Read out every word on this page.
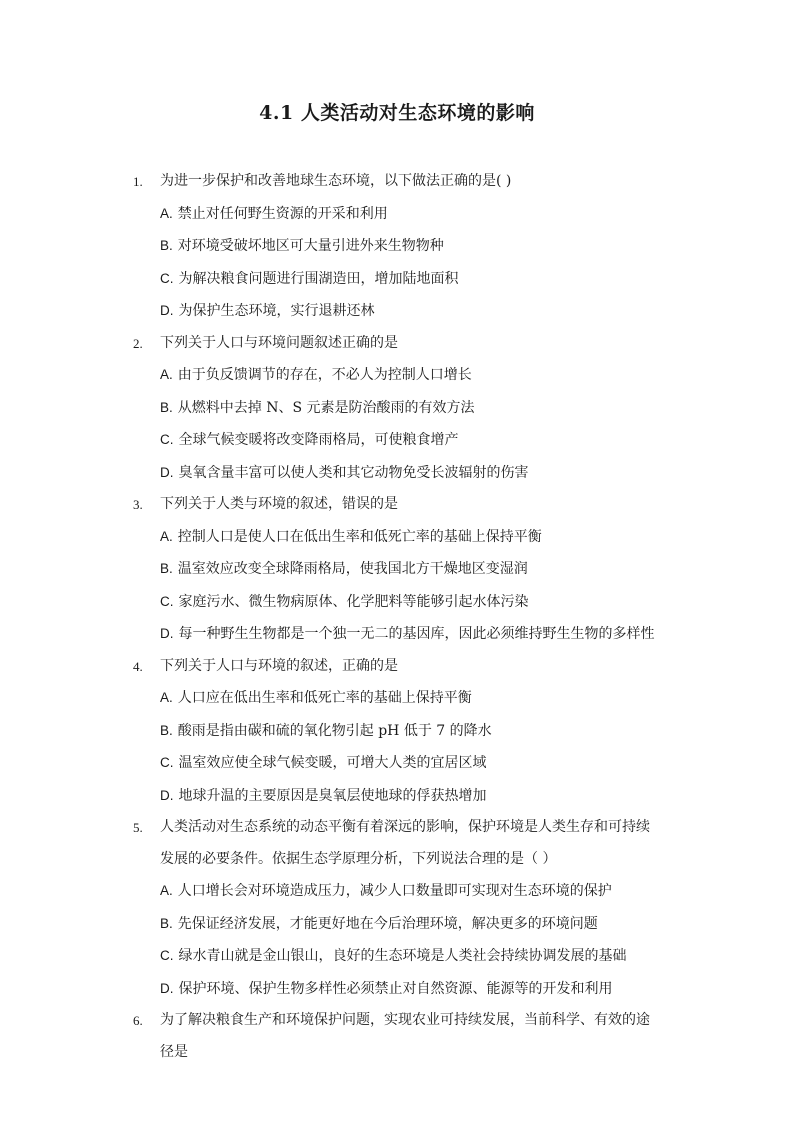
4.1 人类活动对生态环境的影响
1.	为进一步保护和改善地球生态环境，以下做法正确的是( )
A. 禁止对任何野生资源的开采和利用
B. 对环境受破坏地区可大量引进外来生物物种
C. 为解决粮食问题进行围湖造田，增加陆地面积
D. 为保护生态环境，实行退耕还林
2.	下列关于人口与环境问题叙述正确的是
A. 由于负反馈调节的存在，不必人为控制人口增长
B. 从燃料中去掉 N、S 元素是防治酸雨的有效方法
C. 全球气候变暖将改变降雨格局，可使粮食增产
D. 臭氧含量丰富可以使人类和其它动物免受长波辐射的伤害
3.	下列关于人类与环境的叙述，错误的是
A. 控制人口是使人口在低出生率和低死亡率的基础上保持平衡
B. 温室效应改变全球降雨格局，使我国北方干燥地区变湿润
C. 家庭污水、微生物病原体、化学肥料等能够引起水体污染
D. 每一种野生生物都是一个独一无二的基因库，因此必须维持野生生物的多样性
4.	下列关于人口与环境的叙述，正确的是
A. 人口应在低出生率和低死亡率的基础上保持平衡
B. 酸雨是指由碳和硫的氧化物引起 pH 低于 7 的降水
C. 温室效应使全球气候变暖，可增大人类的宜居区域
D. 地球升温的主要原因是臭氧层使地球的俘获热增加
5.	人类活动对生态系统的动态平衡有着深远的影响，保护环境是人类生存和可持续发展的必要条件。依据生态学原理分析，下列说法合理的是（ ）
A. 人口增长会对环境造成压力，减少人口数量即可实现对生态环境的保护
B. 先保证经济发展，才能更好地在今后治理环境，解决更多的环境问题
C. 绿水青山就是金山银山，良好的生态环境是人类社会持续协调发展的基础
D. 保护环境、保护生物多样性必须禁止对自然资源、能源等的开发和利用
6.	为了解决粮食生产和环境保护问题，实现农业可持续发展，当前科学、有效的途径是
